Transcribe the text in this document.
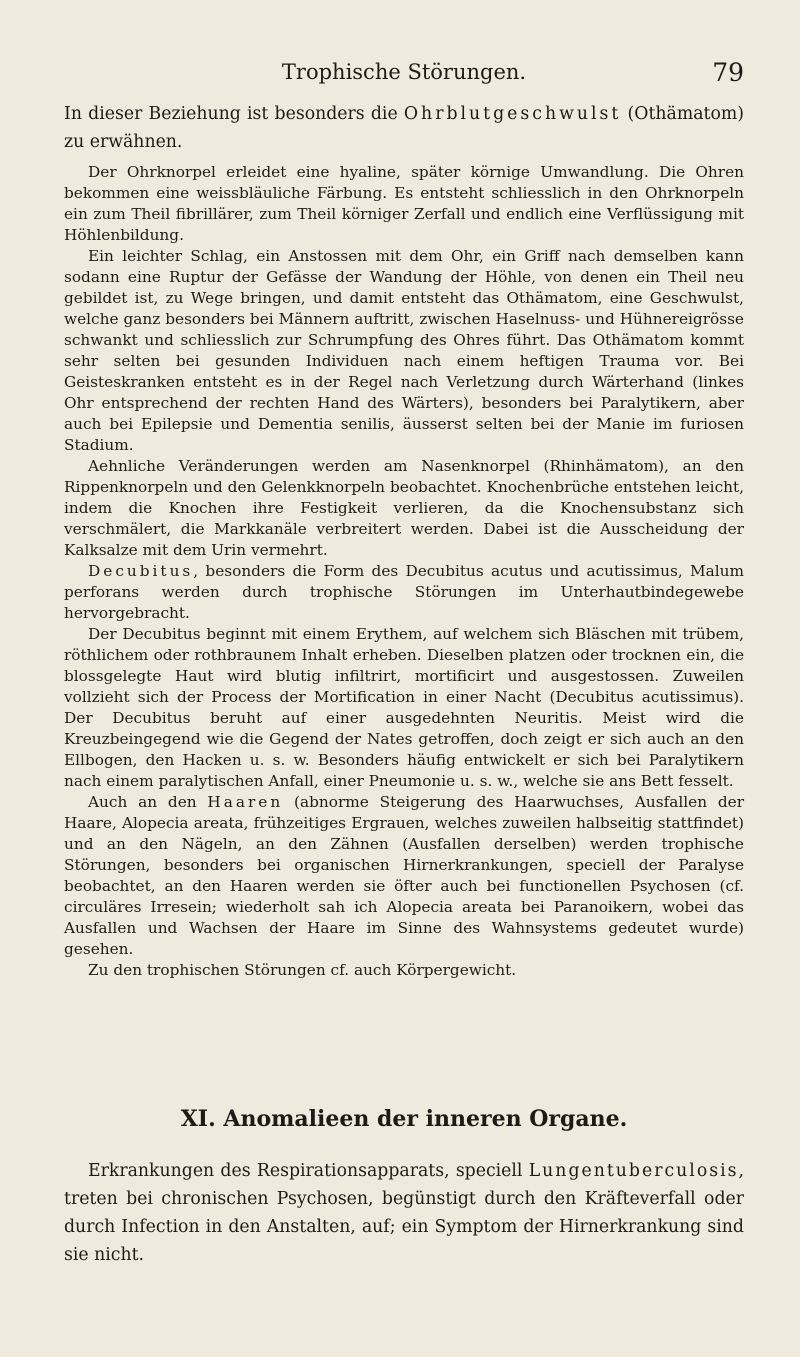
Trophische Störungen.	79

In dieser Beziehung ist besonders die Ohrblutgeschwulst (Othämatom) zu erwähnen.

Der Ohrknorpel erleidet eine hyaline, später körnige Umwandlung. Die Ohren bekommen eine weissbläuliche Färbung. Es entsteht schliesslich in den Ohrknorpeln ein zum Theil fibrillärer, zum Theil körniger Zerfall und endlich eine Verflüssigung mit Höhlenbildung.

Ein leichter Schlag, ein Anstossen mit dem Ohr, ein Griff nach demselben kann sodann eine Ruptur der Gefässe der Wandung der Höhle, von denen ein Theil neu gebildet ist, zu Wege bringen, und damit entsteht das Othämatom, eine Geschwulst, welche ganz besonders bei Männern auftritt, zwischen Haselnuss- und Hühnereigrösse schwankt und schliesslich zur Schrumpfung des Ohres führt. Das Othämatom kommt sehr selten bei gesunden Individuen nach einem heftigen Trauma vor. Bei Geisteskranken entsteht es in der Regel nach Verletzung durch Wärterhand (linkes Ohr entsprechend der rechten Hand des Wärters), besonders bei Paralytikern, aber auch bei Epilepsie und Dementia senilis, äusserst selten bei der Manie im furiosen Stadium.

Aehnliche Veränderungen werden am Nasenknorpel (Rhinhämatom), an den Rippenknorpeln und den Gelenkknorpeln beobachtet. Knochenbrüche entstehen leicht, indem die Knochen ihre Festigkeit verlieren, da die Knochensubstanz sich verschmälert, die Markkanäle verbreitert werden. Dabei ist die Ausscheidung der Kalksalze mit dem Urin vermehrt.

Decubitus, besonders die Form des Decubitus acutus und acutissimus, Malum perforans werden durch trophische Störungen im Unterhautbindegewebe hervorgebracht.

Der Decubitus beginnt mit einem Erythem, auf welchem sich Bläschen mit trübem, röthlichem oder rothbraunem Inhalt erheben. Dieselben platzen oder trocknen ein, die blossgelegte Haut wird blutig infiltrirt, mortificirt und ausgestossen. Zuweilen vollzieht sich der Process der Mortification in einer Nacht (Decubitus acutissimus). Der Decubitus beruht auf einer ausgedehnten Neuritis. Meist wird die Kreuzbeingegend wie die Gegend der Nates getroffen, doch zeigt er sich auch an den Ellbogen, den Hacken u. s. w. Besonders häufig entwickelt er sich bei Paralytikern nach einem paralytischen Anfall, einer Pneumonie u. s. w., welche sie ans Bett fesselt.

Auch an den Haaren (abnorme Steigerung des Haarwuchses, Ausfallen der Haare, Alopecia areata, frühzeitiges Ergrauen, welches zuweilen halbseitig stattfindet) und an den Nägeln, an den Zähnen (Ausfallen derselben) werden trophische Störungen, besonders bei organischen Hirnerkrankungen, speciell der Paralyse beobachtet, an den Haaren werden sie öfter auch bei functionellen Psychosen (cf. circuläres Irresein; wiederholt sah ich Alopecia areata bei Paranoikern, wobei das Ausfallen und Wachsen der Haare im Sinne des Wahnsystems gedeutet wurde) gesehen.

Zu den trophischen Störungen cf. auch Körpergewicht.

XI. Anomalieen der inneren Organe.

Erkrankungen des Respirationsapparats, speciell Lungentuberculosis, treten bei chronischen Psychosen, begünstigt durch den Kräfteverfall oder durch Infection in den Anstalten, auf; ein Symptom der Hirnerkrankung sind sie nicht.
